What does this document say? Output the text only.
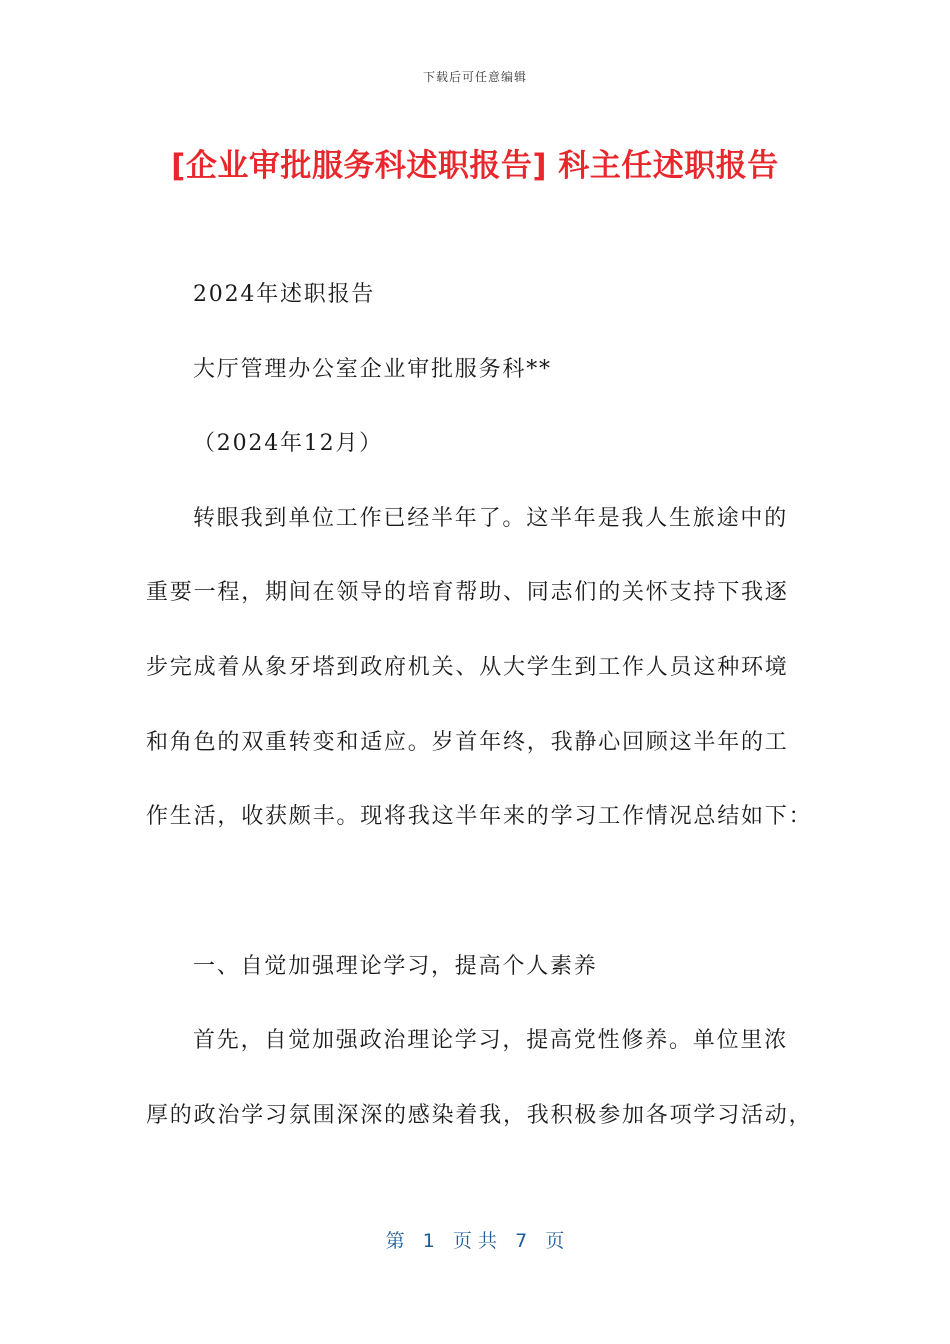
下载后可任意编辑
[企业审批服务科述职报告] 科主任述职报告
2024年述职报告
大厅管理办公室企业审批服务科**
（2024年12月）
转眼我到单位工作已经半年了。这半年是我人生旅途中的
重要一程，期间在领导的培育帮助、同志们的关怀支持下我逐
步完成着从象牙塔到政府机关、从大学生到工作人员这种环境
和角色的双重转变和适应。岁首年终，我静心回顾这半年的工
作生活，收获颇丰。现将我这半年来的学习工作情况总结如下：
一、自觉加强理论学习，提高个人素养
首先，自觉加强政治理论学习，提高党性修养。单位里浓
厚的政治学习氛围深深的感染着我，我积极参加各项学习活动，
第 1 页 共 7 页
